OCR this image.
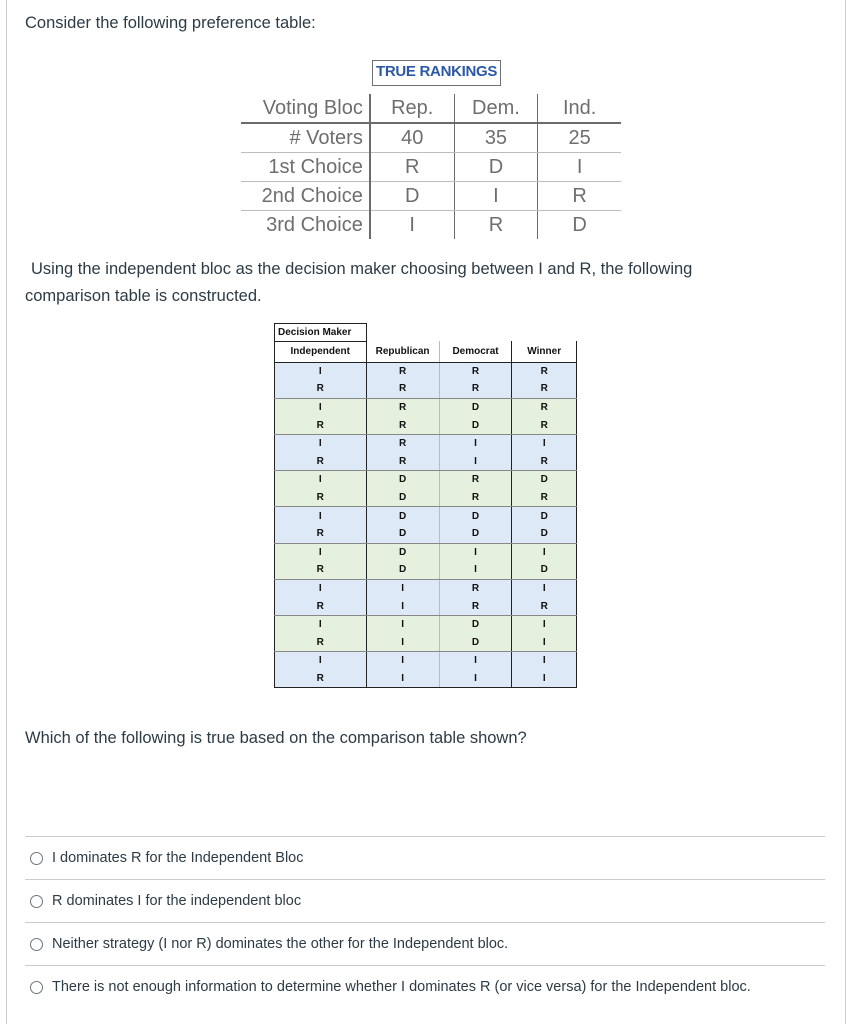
Consider the following preference table:
TRUE RANKINGS
Voting Bloc	Rep.	Dem.	Ind.
# Voters	40	35	25
1st Choice	R	D	I
2nd Choice	D	I	R
3rd Choice	I	R	D
Using the independent bloc as the decision maker choosing between I and R, the following
comparison table is constructed.
Decision Maker			
Independent	Republican	Democrat	Winner
I	R	R	R
R	R	R	R
I	R	D	R
R	R	D	R
I	R	I	I
R	R	I	R
I	D	R	D
R	D	R	R
I	D	D	D
R	D	D	D
I	D	I	I
R	D	I	D
I	I	R	I
R	I	R	R
I	I	D	I
R	I	D	I
I	I	I	I
R	I	I	I
Which of the following is true based on the comparison table shown?
I dominates R for the Independent Bloc
R dominates I for the independent bloc
Neither strategy (I nor R) dominates the other for the Independent bloc.
There is not enough information to determine whether I dominates R (or vice versa) for the Independent bloc.
